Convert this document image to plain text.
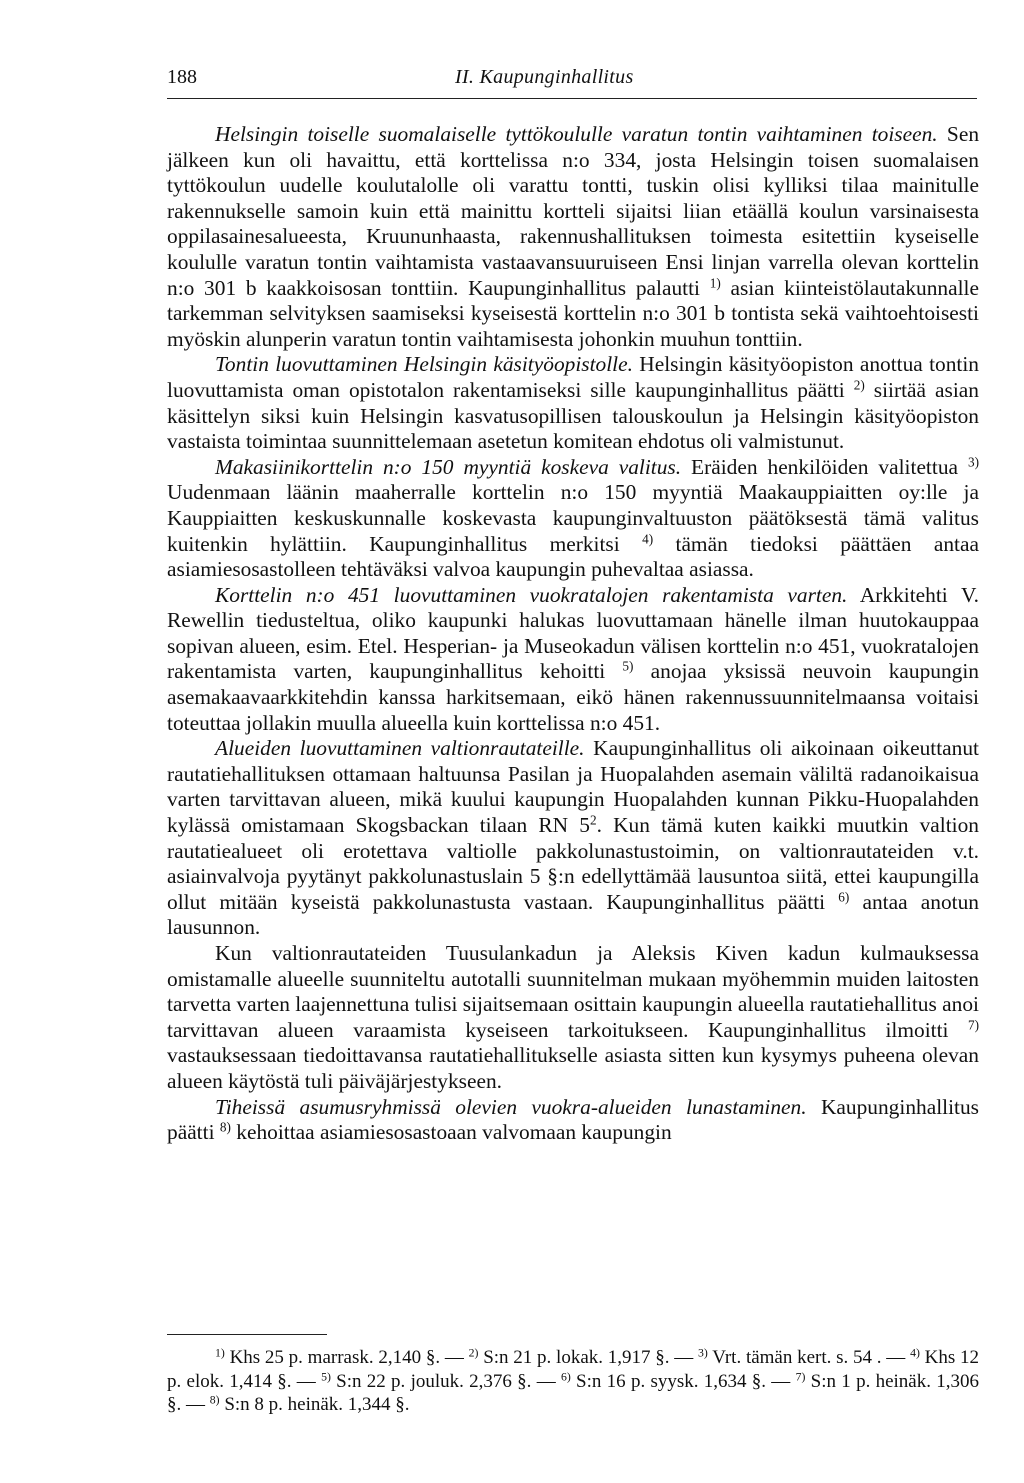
188	II. Kaupunginhallitus

Helsingin toiselle suomalaiselle tyttökoululle varatun tontin vaihtaminen toiseen. Sen jälkeen kun oli havaittu, että korttelissa n:o 334, josta Helsingin toisen suomalaisen tyttökoulun uudelle koulutalolle oli varattu tontti, tuskin olisi kylliksi tilaa mainitulle rakennukselle samoin kuin että mainittu kortteli sijaitsi liian etäällä koulun varsinaisesta oppilasainesalueesta, Kruununhaasta, rakennushallituksen toimesta esitettiin kyseiselle koululle varatun tontin vaihtamista vastaavansuuruiseen Ensi linjan varrella olevan korttelin n:o 301 b kaakkoisosan tonttiin. Kaupunginhallitus palautti $^{1)}$ asian kiinteistölautakunnalle tarkemman selvityksen saamiseksi kyseisestä korttelin n:o 301 b tontista sekä vaihtoehtoisesti myöskin alunperin varatun tontin vaihtamisesta johonkin muuhun tonttiin.

Tontin luovuttaminen Helsingin käsityöopistolle. Helsingin käsityöopiston anottua tontin luovuttamista oman opistotalon rakentamiseksi sille kaupunginhallitus päätti $^{2)}$ siirtää asian käsittelyn siksi kuin Helsingin kasvatusopillisen talouskoulun ja Helsingin käsityöopiston vastaista toimintaa suunnittelemaan asetetun komitean ehdotus oli valmistunut.

Makasiinikorttelin n:o 150 myyntiä koskeva valitus. Eräiden henkilöiden valitettua $^{3)}$ Uudenmaan läänin maaherralle korttelin n:o 150 myyntiä Maakauppiaitten oy:lle ja Kauppiaitten keskuskunnalle koskevasta kaupunginvaltuuston päätöksestä tämä valitus kuitenkin hylättiin. Kaupunginhallitus merkitsi $^{4)}$ tämän tiedoksi päättäen antaa asiamiesosastolleen tehtäväksi valvoa kaupungin puhevaltaa asiassa.

Korttelin n:o 451 luovuttaminen vuokratalojen rakentamista varten. Arkkitehti V. Rewellin tiedusteltua, oliko kaupunki halukas luovuttamaan hänelle ilman huutokauppaa sopivan alueen, esim. Etel. Hesperian- ja Museokadun välisen korttelin n:o 451, vuokratalojen rakentamista varten, kaupunginhallitus kehoitti $^{5)}$ anojaa yksissä neuvoin kaupungin asemakaavaarkkitehdin kanssa harkitsemaan, eikö hänen rakennussuunnitelmaansa voitaisi toteuttaa jollakin muulla alueella kuin korttelissa n:o 451.

Alueiden luovuttaminen valtionrautateille. Kaupunginhallitus oli aikoinaan oikeuttanut rautatiehallituksen ottamaan haltuunsa Pasilan ja Huopalahden asemain väliltä radanoikaisua varten tarvittavan alueen, mikä kuului kaupungin Huopalahden kunnan Pikku-Huopalahden kylässä omistamaan Skogsbackan tilaan RN $5^2$. Kun tämä kuten kaikki muutkin valtion rautatiealueet oli erotettava valtiolle pakkolunastustoimin, on valtionrautateiden v.t. asiainvalvoja pyytänyt pakkolunastuslain 5 §:n edellyttämää lausuntoa siitä, ettei kaupungilla ollut mitään kyseistä pakkolunastusta vastaan. Kaupunginhallitus päätti $^{6)}$ antaa anotun lausunnon.

Kun valtionrautateiden Tuusulankadun ja Aleksis Kiven kadun kulmauksessa omistamalle alueelle suunniteltu autotalli suunnitelman mukaan myöhemmin muiden laitosten tarvetta varten laajennettuna tulisi sijaitsemaan osittain kaupungin alueella rautatiehallitus anoi tarvittavan alueen varaamista kyseiseen tarkoitukseen. Kaupunginhallitus ilmoitti $^{7)}$ vastauksessaan tiedoittavansa rautatiehallitukselle asiasta sitten kun kysymys puheena olevan alueen käytöstä tuli päiväjärjestykseen.

Tiheissä asumusryhmissä olevien vuokra-alueiden lunastaminen. Kaupunginhallitus päätti $^{8)}$ kehoittaa asiamiesosastoaan valvomaan kaupungin

$^{1)}$ Khs 25 p. marrask. 2,140 §. — $^{2)}$ S:n 21 p. lokak. 1,917 §. — $^{3)}$ Vrt. tämän kert. s. 54 . — $^{4)}$ Khs 12 p. elok. 1,414 §. — $^{5)}$ S:n 22 p. jouluk. 2,376 §. — $^{6)}$ S:n 16 p. syysk. 1,634 §. — $^{7)}$ S:n 1 p. heinäk. 1,306 §. — $^{8)}$ S:n 8 p. heinäk. 1,344 §.
